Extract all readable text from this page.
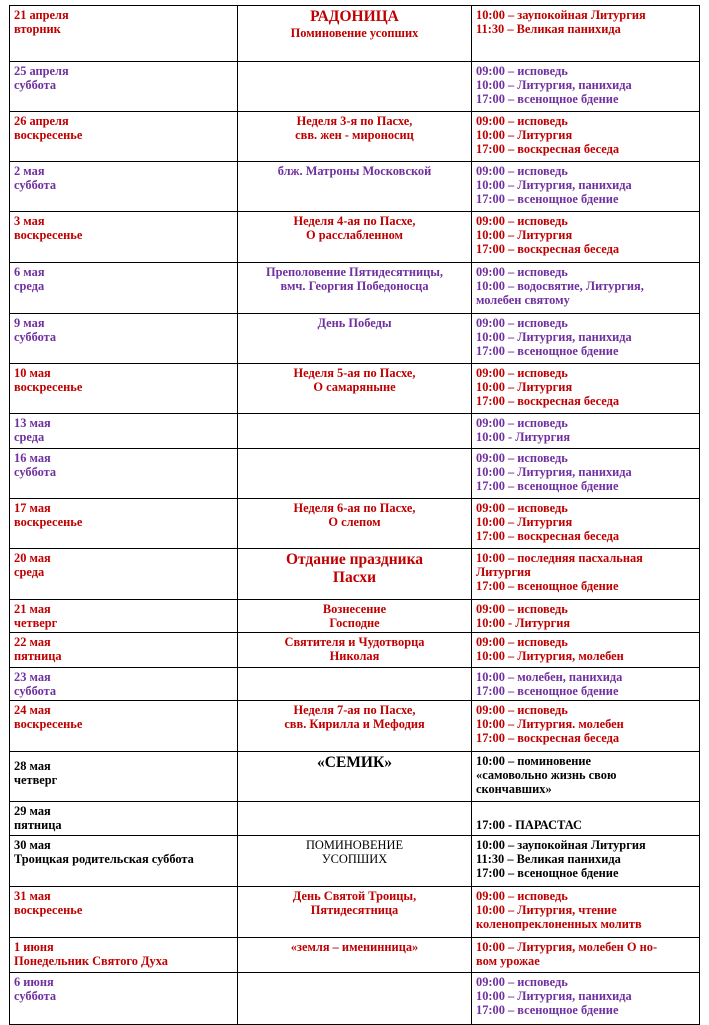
21 апреля
вторник	РАДОНИЦА
Поминовение усопших	10:00 – заупокойная Литургия
11:30 – Великая панихида

25 апреля
суббота		09:00 – исповедь
10:00 – Литургия, панихида
17:00 – всенощное бдение

26 апреля
воскресенье	Неделя 3-я по Пасхе,
свв. жен - мироносиц	09:00 – исповедь
10:00 – Литургия
17:00 – воскресная беседа

2 мая
суббота	блж. Матроны Московской	09:00 – исповедь
10:00 – Литургия, панихида
17:00 – всенощное бдение

3 мая
воскресенье	Неделя 4-ая по Пасхе,
О расслабленном	09:00 – исповедь
10:00 – Литургия
17:00 – воскресная беседа

6 мая
среда	Преполовение Пятидесятницы,
вмч. Георгия Победоносца	09:00 – исповедь
10:00 – водосвятие, Литургия,
молебен святому

9 мая
суббота	День Победы	09:00 – исповедь
10:00 – Литургия, панихида
17:00 – всенощное бдение

10 мая
воскресенье	Неделя 5-ая по Пасхе,
О самаряныне	09:00 – исповедь
10:00 – Литургия
17:00 – воскресная беседа

13 мая
среда		09:00 – исповедь
10:00 - Литургия

16 мая
суббота		09:00 – исповедь
10:00 – Литургия, панихида
17:00 – всенощное бдение

17 мая
воскресенье	Неделя 6-ая по Пасхе,
О слепом	09:00 – исповедь
10:00 – Литургия
17:00 – воскресная беседа

20 мая
среда	Отдание праздника
Пасхи	10:00 – последняя пасхальная
Литургия
17:00 – всенощное бдение

21 мая
четверг	Вознесение
Господне	09:00 – исповедь
10:00 - Литургия

22 мая
пятница	Святителя и Чудотворца
Николая	09:00 – исповедь
10:00 – Литургия, молебен

23 мая
суббота		10:00 – молебен, панихида
17:00 – всенощное бдение

24 мая
воскресенье	Неделя 7-ая по Пасхе,
свв. Кирилла и Мефодия	09:00 – исповедь
10:00 – Литургия. молебен
17:00 – воскресная беседа

28 мая
четверг	«СЕМИК»	10:00 – поминовение
«самовольно жизнь свою
скончавших»

29 мая
пятница		17:00 - ПАРАСТАС

30 мая
Троицкая родительская суббота	ПОМИНОВЕНИЕ
УСОПШИХ	10:00 – заупокойная Литургия
11:30 – Великая панихида
17:00 – всенощное бдение

31 мая
воскресенье	День Святой Троицы,
Пятидесятница	09:00 – исповедь
10:00 – Литургия, чтение
коленопреклоненных молитв

1 июня
Понедельник Святого Духа	«земля – именинница»	10:00 – Литургия, молебен О но-
вом урожае

6 июня
суббота		09:00 – исповедь
10:00 – Литургия, панихида
17:00 – всенощное бдение
